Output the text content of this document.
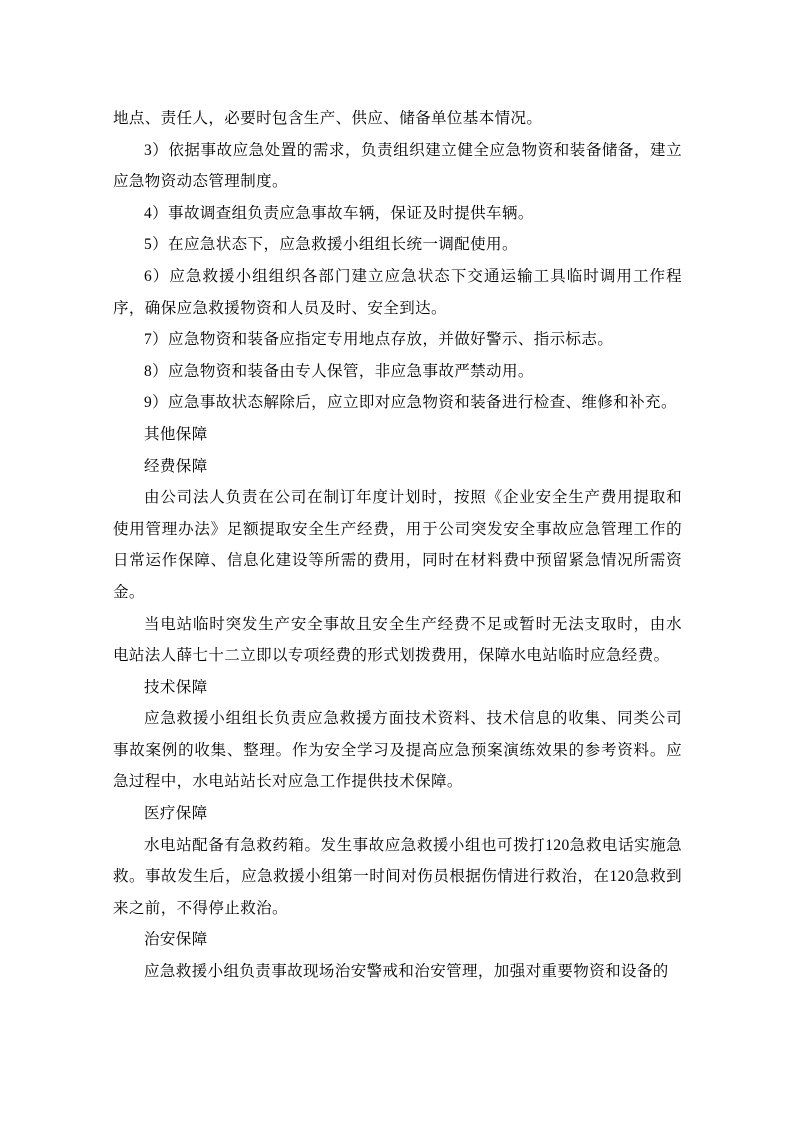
地点、责任人，必要时包含生产、供应、储备单位基本情况。

3）依据事故应急处置的需求，负责组织建立健全应急物资和装备储备，建立应急物资动态管理制度。

4）事故调查组负责应急事故车辆，保证及时提供车辆。

5）在应急状态下，应急救援小组组长统一调配使用。

6）应急救援小组组织各部门建立应急状态下交通运输工具临时调用工作程序，确保应急救援物资和人员及时、安全到达。

7）应急物资和装备应指定专用地点存放，并做好警示、指示标志。

8）应急物资和装备由专人保管，非应急事故严禁动用。

9）应急事故状态解除后，应立即对应急物资和装备进行检查、维修和补充。

其他保障

经费保障

由公司法人负责在公司在制订年度计划时，按照《企业安全生产费用提取和使用管理办法》足额提取安全生产经费，用于公司突发安全事故应急管理工作的日常运作保障、信息化建设等所需的费用，同时在材料费中预留紧急情况所需资金。

当电站临时突发生产安全事故且安全生产经费不足或暂时无法支取时，由水电站法人薛七十二立即以专项经费的形式划拨费用，保障水电站临时应急经费。

技术保障

应急救援小组组长负责应急救援方面技术资料、技术信息的收集、同类公司事故案例的收集、整理。作为安全学习及提高应急预案演练效果的参考资料。应急过程中，水电站站长对应急工作提供技术保障。

医疗保障

水电站配备有急救药箱。发生事故应急救援小组也可拨打120急救电话实施急救。事故发生后，应急救援小组第一时间对伤员根据伤情进行救治，在120急救到来之前，不得停止救治。

治安保障

应急救援小组负责事故现场治安警戒和治安管理，加强对重要物资和设备的
